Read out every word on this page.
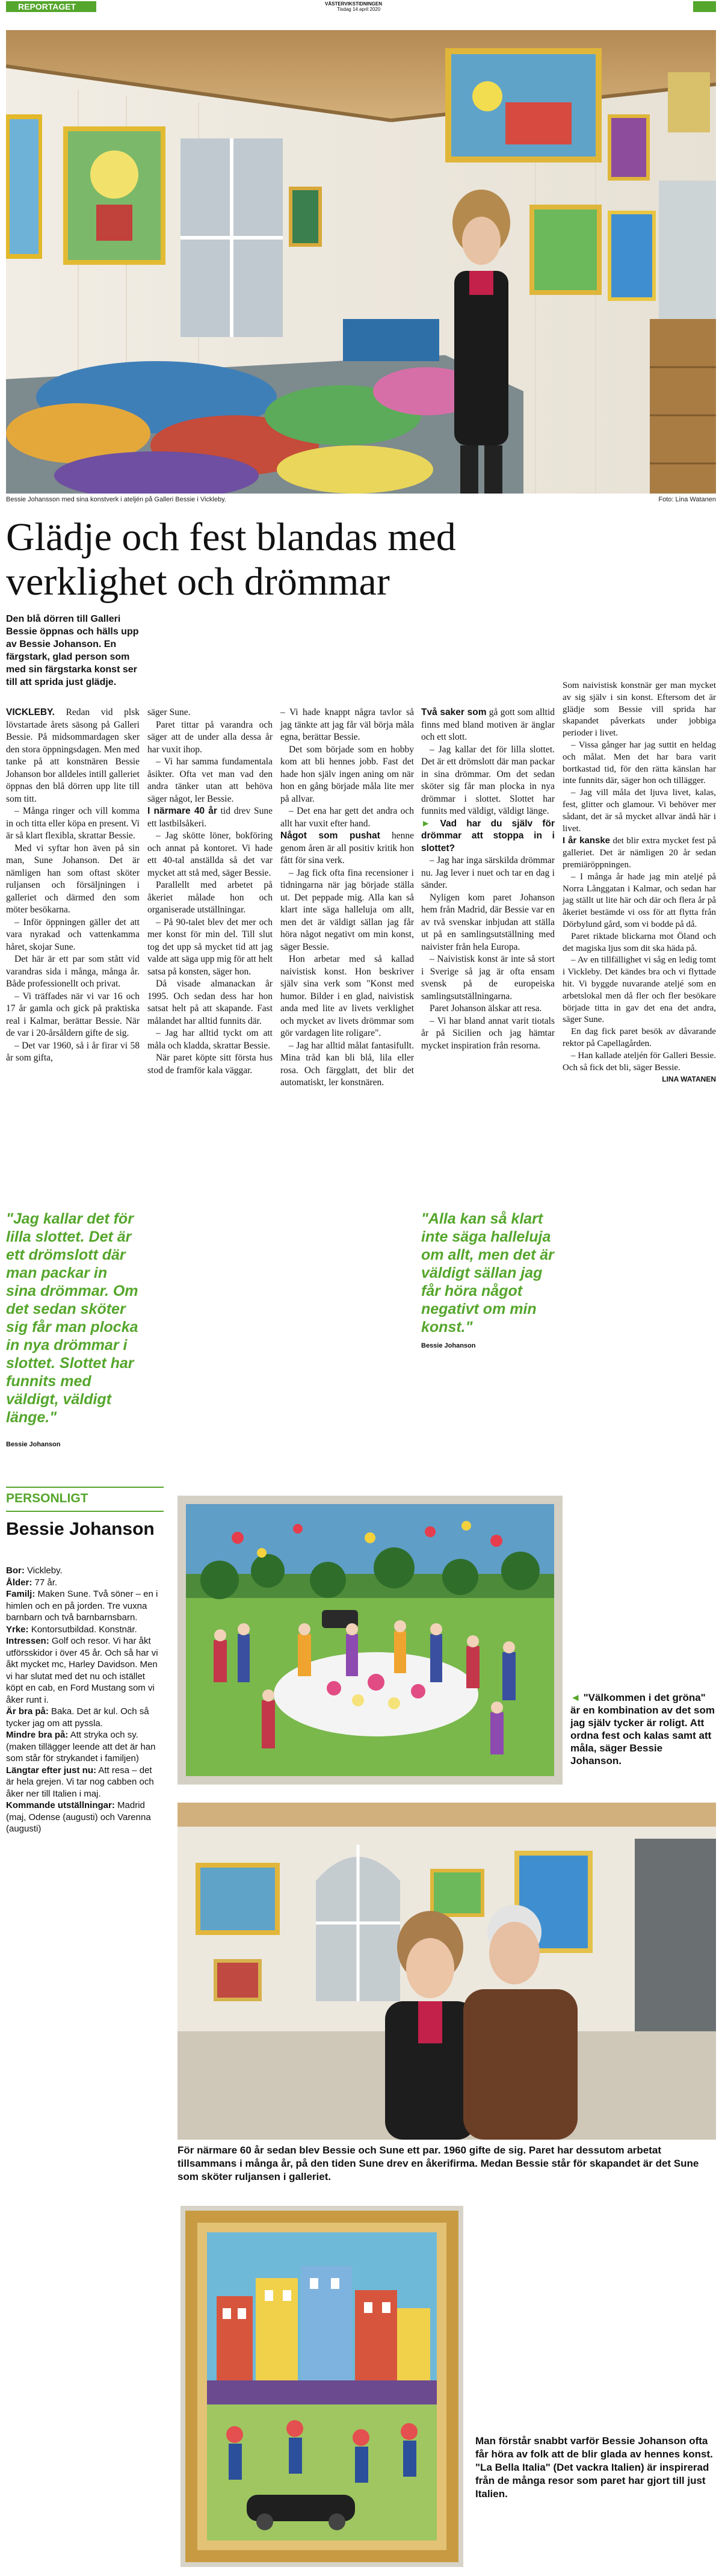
REPORTAGET	VÄSTERVIKSTIDNINGEN
Tisdag 14 april 2020
Bessie Johansson med sina konstverk i ateljén på Galleri Bessie i Vickleby.	Foto: Lina Watanen
Glädje och fest blandas med verklighet och drömmar
Den blå dörren till Galleri Bessie öppnas och hälls upp av Bessie Johanson. En färgstark, glad person som med sin färgstarka konst ser till att sprida just glädje.

VICKLEBY. Redan vid plsk lövstartade årets säsong på Galleri Bessie. På midsommardagen sker den stora öppningsdagen. Men med tanke på att konstnären Bessie Johanson bor alldeles intill galleriet öppnas den blå dörren upp lite till som titt.

– Många ringer och vill komma in och titta eller köpa en present. Vi är så klart flexibla, skrattar Bessie.

Med vi syftar hon även på sin man, Sune Johanson. Det är nämligen han som oftast sköter ruljansen och försäljningen i galleriet och därmed den som möter besökarna.

– Inför öppningen gäller det att vara nyrakad och vattenkamma håret, skojar Sune.

Det här är ett par som stått vid varandras sida i många, många år. Både professionellt och privat.

– Vi träffades när vi var 16 och 17 år gamla och gick på praktiska real i Kalmar, berättar Bessie. När de var i 20-årsåldern gifte de sig.

– Det var 1960, så i år firar vi 58 år som gifta,

säger Sune.

Paret tittar på varandra och säger att de under alla dessa år har vuxit ihop.

– Vi har samma fundamentala åsikter. Ofta vet man vad den andra tänker utan att behöva säger något, ler Bessie.

I närmare 40 år tid drev Sune ett lastbilsåkeri.

– Jag skötte löner, bokföring och annat på kontoret. Vi hade ett 40-tal anställda så det var mycket att stå med, säger Bessie.

Parallellt med arbetet på åkeriet målade hon och organiserade utställningar.

– På 90-talet blev det mer och mer konst för min del. Till slut tog det upp så mycket tid att jag valde att säga upp mig för att helt satsa på konsten, säger hon.

Då visade almanackan år 1995. Och sedan dess har hon satsat helt på att skapande. Fast målandet har alltid funnits där.

– Jag har alltid tyckt om att måla och kladda, skrattar Bessie.

När paret köpte sitt första hus stod de framför kala väggar.

– Vi hade knappt några tavlor så jag tänkte att jag får väl börja måla egna, berättar Bessie.

Det som började som en hobby kom att bli hennes jobb. Fast det hade hon själv ingen aning om när hon en gång började måla lite mer på allvar.

– Det ena har gett det andra och allt har vuxit efter hand.

Något som pushat henne genom åren är all positiv kritik hon fått för sina verk.

– Jag fick ofta fina recensioner i tidningarna när jag började ställa ut. Det peppade mig. Alla kan så klart inte säga halleluja om allt, men det är väldigt sällan jag får höra något negativt om min konst, säger Bessie.

Hon arbetar med så kallad naivistisk konst. Hon beskriver själv sina verk som "Konst med humor. Bilder i en glad, naivistisk anda med lite av livets verklighet och mycket av livets drömmar som gör vardagen lite roligare".

– Jag har alltid målat fantasifullt. Mina tråd kan bli blå, lila eller rosa. Och färgglatt, det blir det automatiskt, ler konstnären.

Två saker som gå gott som alltid finns med bland motiven är änglar och ett slott.

– Jag kallar det för lilla slottet. Det är ett drömslott där man packar in sina drömmar. Om det sedan sköter sig får man plocka in nya drömmar i slottet. Slottet har funnits med väldigt, väldigt länge.

► Vad har du själv för drömmar att stoppa in i slottet?

– Jag har inga särskilda drömmar nu. Jag lever i nuet och tar en dag i sänder.

Nyligen kom paret Johanson hem från Madrid, där Bessie var en av två svenskar inbjudan att ställa ut på en samlingsutställning med naivister från hela Europa.

– Naivistisk konst är inte så stort i Sverige så jag är ofta ensam svensk på de europeiska samlingsutställningarna.

Paret Johanson älskar att resa.

– Vi har bland annat varit tiotals år på Sicilien och jag hämtar mycket inspiration från resorna.

Som naivistisk konstnär ger man mycket av sig själv i sin konst. Eftersom det är glädje som Bessie vill sprida har skapandet påverkats under jobbiga perioder i livet.

– Vissa gånger har jag suttit en heldag och målat. Men det har bara varit bortkastad tid, för den rätta känslan har inte funnits där, säger hon och tillägger.

– Jag vill måla det ljuva livet, kalas, fest, glitter och glamour. Vi behöver mer sådant, det är så mycket allvar ändå här i livet.

I år kanske det blir extra mycket fest på galleriet. Det är nämligen 20 år sedan premiäröppningen.

– I många år hade jag min ateljé på Norra Långgatan i Kalmar, och sedan har jag ställt ut lite här och där och flera år på åkeriet bestämde vi oss för att flytta från Dörbylund gård, som vi bodde på då.

Paret riktade blickarna mot Öland och det magiska ljus som dit ska häda på.

– Av en tillfällighet vi såg en ledig tomt i Vickleby. Det kändes bra och vi flyttade hit. Vi byggde nuvarande ateljé som en arbetslokal men då fler och fler besökare började titta in gav det ena det andra, säger Sune.

En dag fick paret besök av dåvarande rektor på Capellagården.

– Han kallade ateljén för Galleri Bessie. Och så fick det bli, säger Bessie.

LINA WATANEN

"Jag kallar det för lilla slottet. Det är ett drömslott där man packar in sina drömmar. Om det sedan sköter sig får man plocka in nya drömmar i slottet. Slottet har funnits med väldigt, väldigt länge."
Bessie Johanson
"Alla kan så klart inte säga halleluja om allt, men det är väldigt sällan jag får höra något negativt om min konst."
Bessie Johanson
PERSONLIGT
Bessie Johanson

Bor: Vickleby.

Ålder: 77 år.

Familj: Maken Sune. Två söner – en i himlen och en på jorden. Tre vuxna barnbarn och två barnbarnsbarn.

Yrke: Kontorsutbildad. Konstnär.

Intressen: Golf och resor. Vi har åkt utförsskidor i över 45 år. Och så har vi åkt mycket mc, Harley Davidson. Men vi har slutat med det nu och istället köpt en cab, en Ford Mustang som vi åker runt i.

Är bra på: Baka. Det är kul. Och så tycker jag om att pyssla.

Mindre bra på: Att stryka och sy. (maken tillägger leende att det är han som står för strykandet i familjen)

Längtar efter just nu: Att resa – det är hela grejen. Vi tar nog cabben och åker ner till Italien i maj.

Kommande utställningar: Madrid (maj, Odense (augusti) och Varenna (augusti)

◄ "Välkommen i det gröna" är en kombination av det som jag själv tycker är roligt. Att ordna fest och kalas samt att måla, säger Bessie Johanson.
För närmare 60 år sedan blev Bessie och Sune ett par. 1960 gifte de sig. Paret har dessutom arbetat tillsammans i många år, på den tiden Sune drev en åkerifirma. Medan Bessie står för skapandet är det Sune som sköter ruljansen i galleriet.
Man förstår snabbt varför Bessie Johanson ofta får höra av folk att de blir glada av hennes konst. "La Bella Italia" (Det vackra Italien) är inspirerad från de många resor som paret har gjort till just Italien.
